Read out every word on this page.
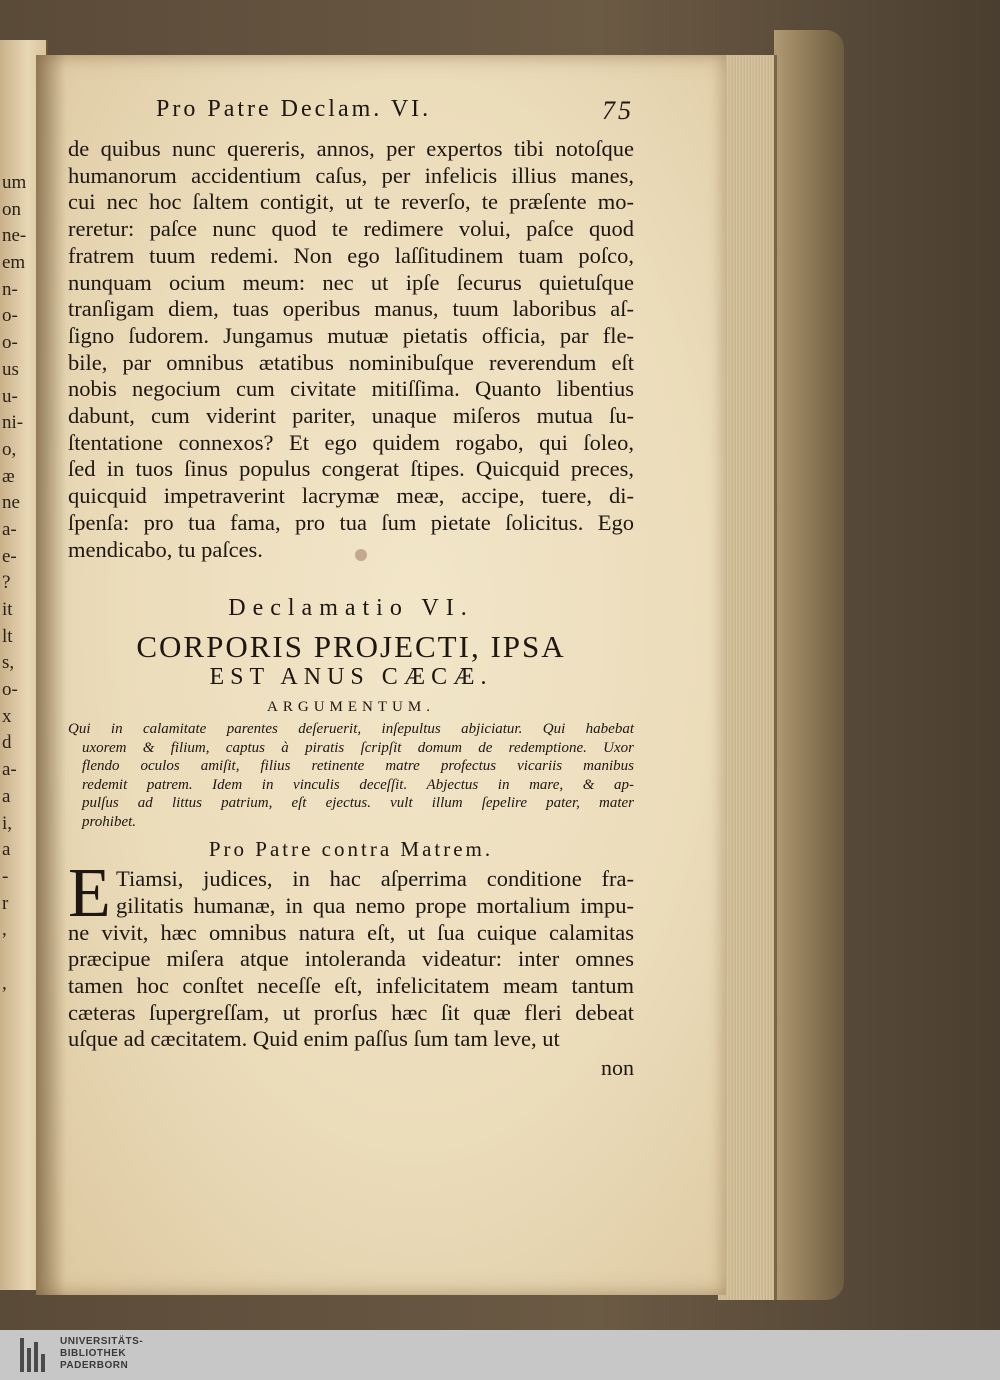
um
on
ne-
em
n-
o-
o-
us
u-
ni-
o,
æ
ne
a-
e-
?
it
lt
s,
o-
x
d
a-
a
i,
a
-
r
,
,
Pro Patre Declam. VI.	75
de quibus nunc quereris, annos, per expertos tibi notoſque
humanorum accidentium caſus, per infelicis illius manes,
cui nec hoc ſaltem contigit, ut te reverſo, te præſente mo-
reretur: paſce nunc quod te redimere volui, paſce quod
fratrem tuum redemi. Non ego laſſitudinem tuam poſco,
nunquam ocium meum: nec ut ipſe ſecurus quietuſque
tranſigam diem, tuas operibus manus, tuum laboribus aſ-
ſigno ſudorem. Jungamus mutuæ pietatis officia, par fle-
bile, par omnibus ætatibus nominibuſque reverendum eſt
nobis negocium cum civitate mitiſſima. Quanto libentius
dabunt, cum viderint pariter, unaque miſeros mutua ſu-
ſtentatione connexos? Et ego quidem rogabo, qui ſoleo,
ſed in tuos ſinus populus congerat ſtipes. Quicquid preces,
quicquid impetraverint lacrymæ meæ, accipe, tuere, di-
ſpenſa: pro tua fama, pro tua ſum pietate ſolicitus. Ego
mendicabo, tu paſces.
Declamatio VI.
CORPORIS PROJECTI, IPSA
EST ANUS CÆCÆ.
ARGUMENTUM.
Qui in calamitate parentes deſeruerit, inſepultus abjiciatur. Qui habebat
uxorem & filium, captus à piratis ſcripſit domum de redemptione. Uxor
flendo oculos amiſit, filius retinente matre profectus vicariis manibus
redemit patrem. Idem in vinculis deceſſit. Abjectus in mare, & ap-
pulſus ad littus patrium, eſt ejectus. vult illum ſepelire pater, mater
prohibet.
Pro Patre contra Matrem.
E Tiamsi, judices, in hac aſperrima conditione fra-
gilitatis humanæ, in qua nemo prope mortalium impu-
ne vivit, hæc omnibus natura eſt, ut ſua cuique calamitas
præcipue miſera atque intoleranda videatur: inter omnes
tamen hoc conſtet neceſſe eſt, infelicitatem meam tantum
cæteras ſupergreſſam, ut prorſus hæc ſit quæ fleri debeat
uſque ad cæcitatem. Quid enim paſſus ſum tam leve, ut
non
UNIVERSITÄTS-
BIBLIOTHEK
PADERBORN
